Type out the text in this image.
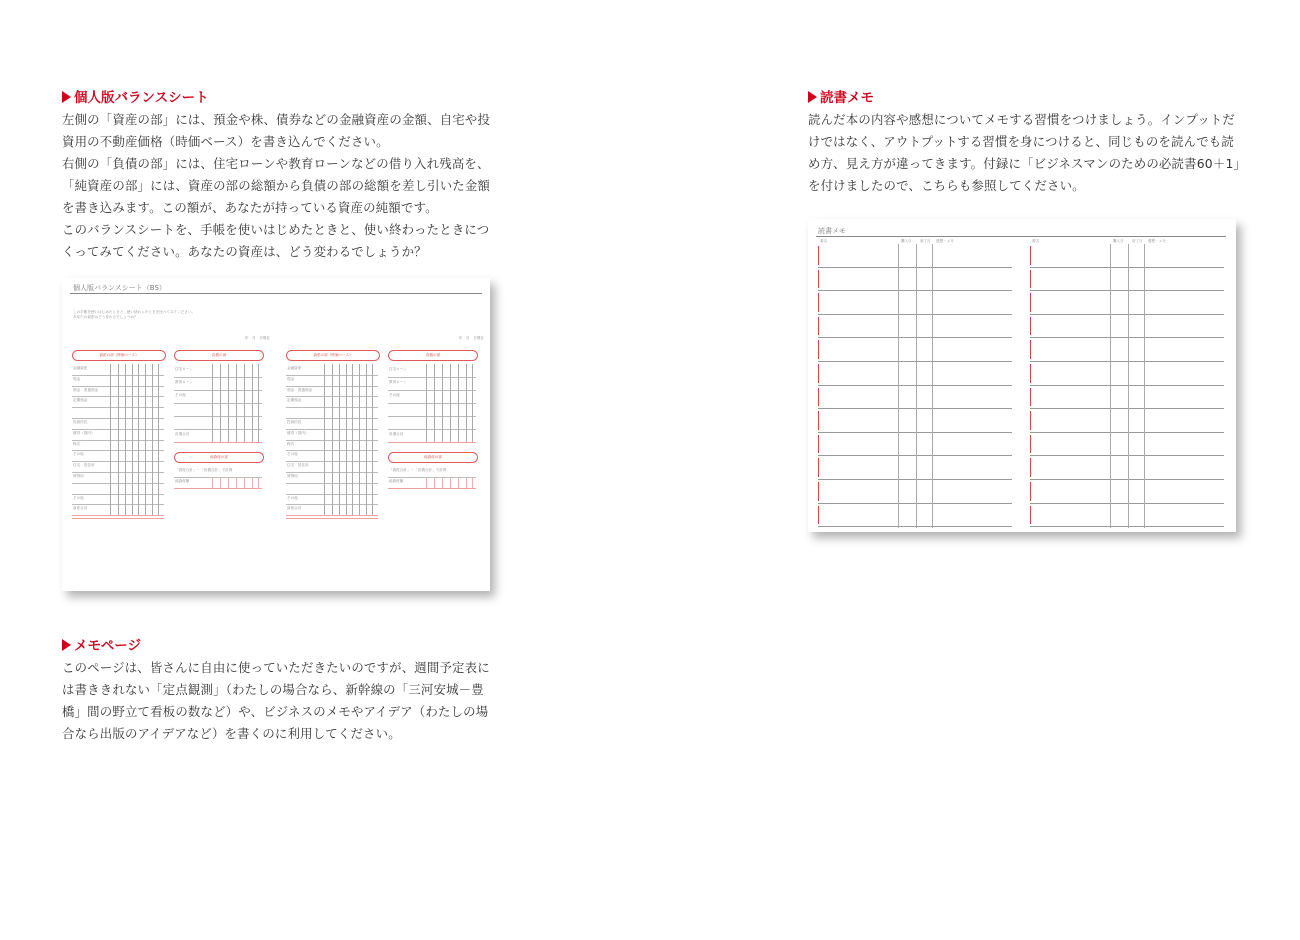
個人版バランスシート
左側の「資産の部」には、預金や株、債券などの金融資産の金額、自宅や投
資用の不動産価格（時価ベース）を書き込んでください。
右側の「負債の部」には、住宅ローンや教育ローンなどの借り入れ残高を、
「純資産の部」には、資産の部の総額から負債の部の総額を差し引いた金額
を書き込みます。この額が、あなたが持っている資産の純額です。
このバランスシートを、手帳を使いはじめたときと、使い終わったときにつ
くってみてください。あなたの資産は、どう変わるでしょうか？
個人版バランスシート（BS）
この手帳を使いはじめたときと、使い終わったときを比べてみてください。
あなたの資産はどう変わるでしょうか？
年　月　日現在
資産の部（時価ベース）	負債の部
金融資産
現金
預金　普通預金
定期預金
投資信託
債券（国内）
株式
その他
住宅　居住用
賃貸用
その他
資産合計
住宅ローン
教育ローン
その他
負債合計
純資産の部
「資産合計」－「負債合計」で計算
純資産額
年　月　日現在
資産の部（時価ベース）	負債の部
金融資産
現金
預金　普通預金
定期預金
投資信託
債券（国内）
株式
その他
住宅　居住用
賃貸用
その他
資産合計
住宅ローン
教育ローン
その他
負債合計
純資産の部
「資産合計」－「負債合計」で計算
純資産額
メモページ
このページは、皆さんに自由に使っていただきたいのですが、週間予定表に
は書ききれない「定点観測」（わたしの場合なら、新幹線の「三河安城－豊
橋」間の野立て看板の数など）や、ビジネスのメモやアイデア（わたしの場
合なら出版のアイデアなど）を書くのに利用してください。
読書メモ
読んだ本の内容や感想についてメモする習慣をつけましょう。インプットだ
けではなく、アウトプットする習慣を身につけると、同じものを読んでも読
め方、見え方が違ってきます。付録に「ビジネスマンのための必読書60＋1」
を付けましたので、こちらも参照してください。
読書メモ
書名	購入日 読了日 感想・メモ	書名	購入日 読了日 感想・メモ
